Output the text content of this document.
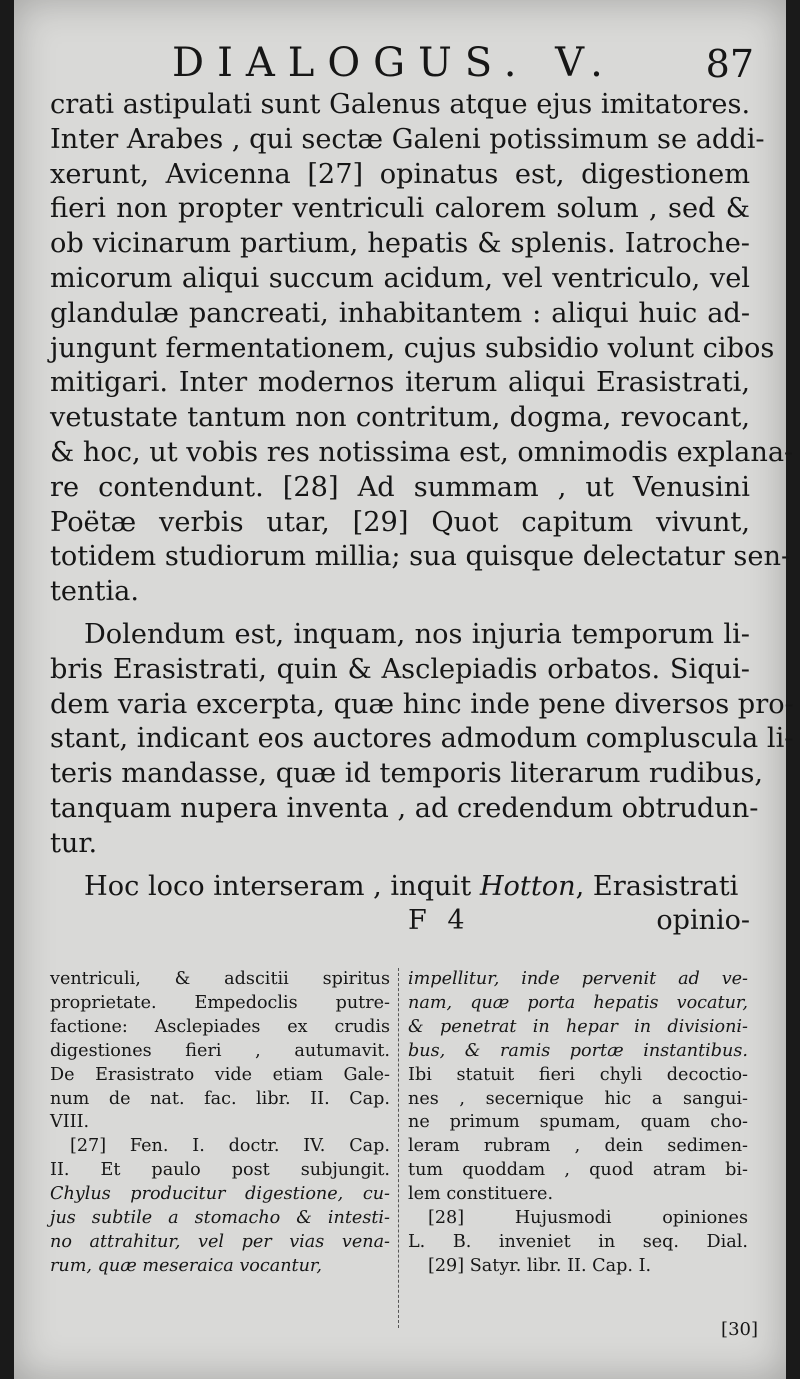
DIALOGUS. V. 87

crati astipulati sunt Galenus atque ejus imitatores.
Inter Arabes , qui sectæ Galeni potissimum se addi-
xerunt, Avicenna [27] opinatus est, digestionem
fieri non propter ventriculi calorem solum , sed &
ob vicinarum partium, hepatis & splenis. Iatroche-
micorum aliqui succum acidum, vel ventriculo, vel
glandulæ pancreati, inhabitantem : aliqui huic ad-
jungunt fermentationem, cujus subsidio volunt cibos
mitigari. Inter modernos iterum aliqui Erasistrati,
vetustate tantum non contritum, dogma, revocant,
& hoc, ut vobis res notissima est, omnimodis explana-
re contendunt. [28] Ad summam , ut Venusini
Poëtæ verbis utar, [29] Quot capitum vivunt,
totidem studiorum millia; sua quisque delectatur sen-
tentia.

Dolendum est, inquam, nos injuria temporum li-
bris Erasistrati, quin & Asclepiadis orbatos. Siqui-
dem varia excerpta, quæ hinc inde pene diversos pro-
stant, indicant eos auctores admodum compluscula li-
teris mandasse, quæ id temporis literarum rudibus,
tanquam nupera inventa , ad credendum obtrudun-
tur.

Hoc loco interseram , inquit Hotton, Erasistrati

F 4	opinio-
ventriculi, & adscitii spiritus
proprietate. Empedoclis putre-
factione: Asclepiades ex crudis
digestiones fieri , autumavit.
De Erasistrato vide etiam Gale-
num de nat. fac. libr. II. Cap.
VIII.
[27] Fen. I. doctr. IV. Cap.
II. Et paulo post subjungit.
Chylus producitur digestione, cu-
jus subtile a stomacho & intesti-
no attrahitur, vel per vias vena-
rum, quæ meseraica vocantur,
impellitur, inde pervenit ad ve-
nam, quæ porta hepatis vocatur,
& penetrat in hepar in divisioni-
bus, & ramis portæ instantibus.
Ibi statuit fieri chyli decoctio-
nes , secernique hic a sangui-
ne primum spumam, quam cho-
leram rubram , dein sedimen-
tum quoddam , quod atram bi-
lem constituere.
[28] Hujusmodi opiniones
L. B. inveniet in seq. Dial.
[29] Satyr. libr. II. Cap. I.
[30]
